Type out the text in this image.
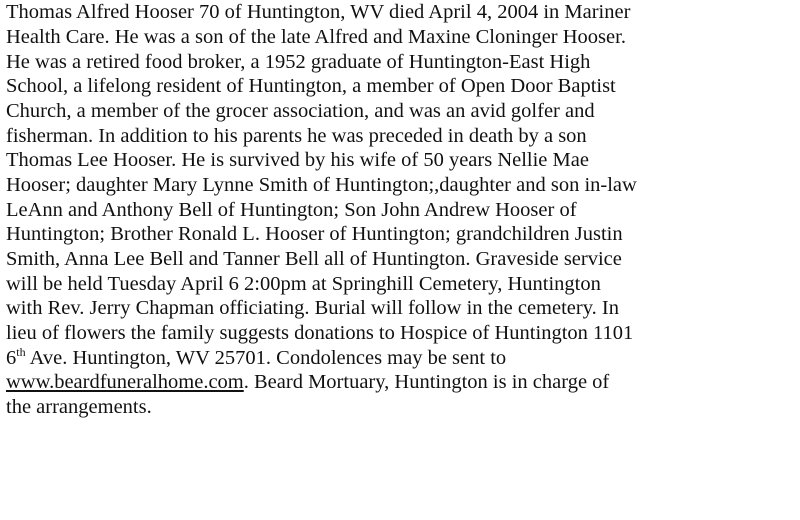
Thomas Alfred Hooser 70 of Huntington, WV died April 4, 2004 in Mariner
Health Care. He was a son of the late Alfred and Maxine Cloninger Hooser.
He was a retired food broker, a 1952 graduate of Huntington-East High
School, a lifelong resident of Huntington, a member of Open Door Baptist
Church, a member of the grocer association, and was an avid golfer and
fisherman. In addition to his parents he was preceded in death by a son
Thomas Lee Hooser. He is survived by his wife of 50 years Nellie Mae
Hooser; daughter Mary Lynne Smith of Huntington;,daughter and son in-law
LeAnn and Anthony Bell of Huntington; Son John Andrew Hooser of
Huntington; Brother Ronald L. Hooser of Huntington; grandchildren Justin
Smith, Anna Lee Bell and Tanner Bell all of Huntington. Graveside service
will be held Tuesday April 6 2:00pm at Springhill Cemetery, Huntington
with Rev. Jerry Chapman officiating. Burial will follow in the cemetery. In
lieu of flowers the family suggests donations to Hospice of Huntington 1101
6th Ave. Huntington, WV 25701. Condolences may be sent to
www.beardfuneralhome.com. Beard Mortuary, Huntington is in charge of
the arrangements.
